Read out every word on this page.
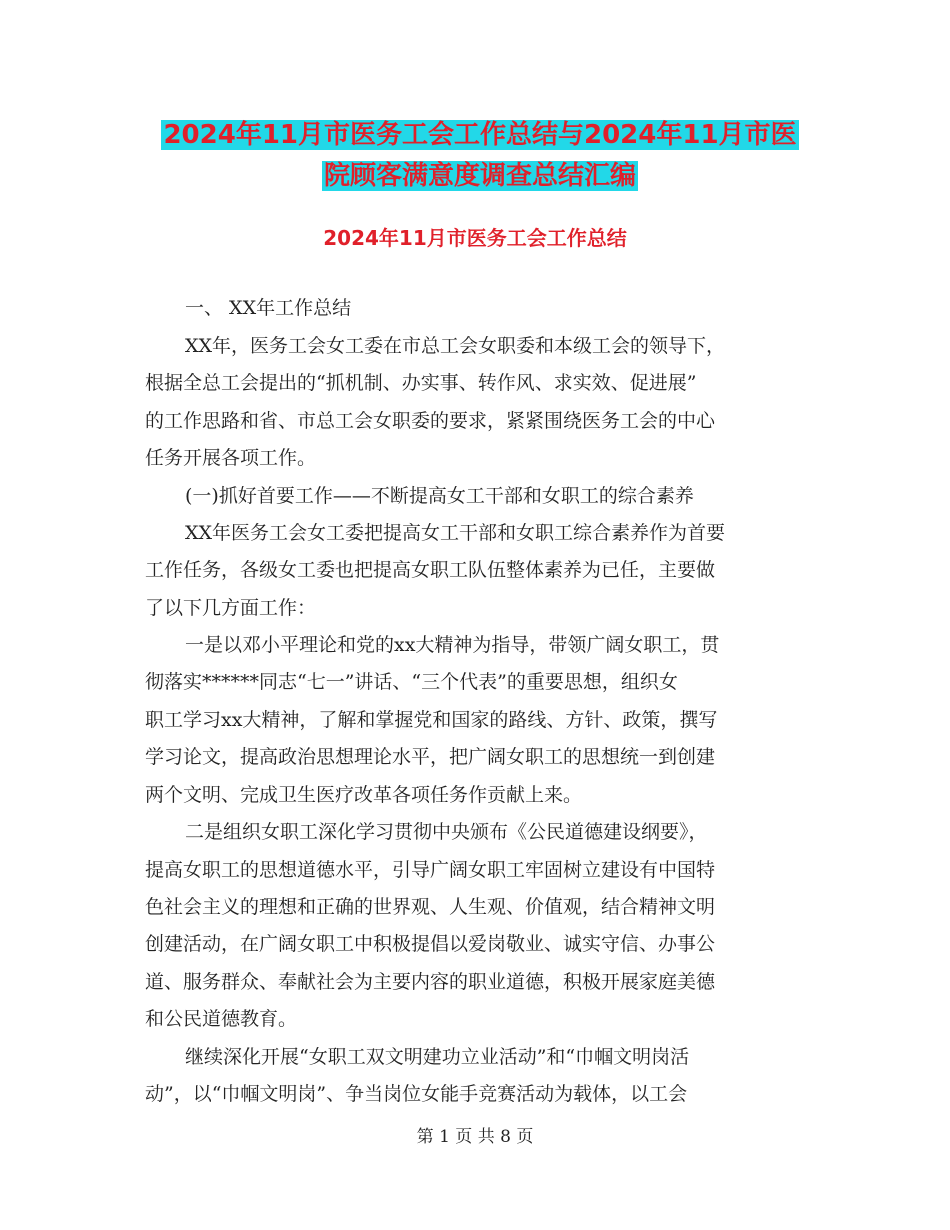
2024年11月市医务工会工作总结与2024年11月市医
院顾客满意度调查总结汇编
2024年11月市医务工会工作总结
一、 XX年工作总结
XX年，医务工会女工委在市总工会女职委和本级工会的领导下，
根据全总工会提出的“抓机制、办实事、转作风、求实效、促进展”
的工作思路和省、市总工会女职委的要求，紧紧围绕医务工会的中心
任务开展各项工作。
(一)抓好首要工作——不断提高女工干部和女职工的综合素养
XX年医务工会女工委把提高女工干部和女职工综合素养作为首要
工作任务，各级女工委也把提高女职工队伍整体素养为已任，主要做
了以下几方面工作：
一是以邓小平理论和党的xx大精神为指导，带领广阔女职工，贯
彻落实******同志“七一”讲话、“三个代表”的重要思想，组织女
职工学习xx大精神，了解和掌握党和国家的路线、方针、政策，撰写
学习论文，提高政治思想理论水平，把广阔女职工的思想统一到创建
两个文明、完成卫生医疗改革各项任务作贡献上来。
二是组织女职工深化学习贯彻中央颁布《公民道德建设纲要》，
提高女职工的思想道德水平，引导广阔女职工牢固树立建设有中国特
色社会主义的理想和正确的世界观、人生观、价值观，结合精神文明
创建活动，在广阔女职工中积极提倡以爱岗敬业、诚实守信、办事公
道、服务群众、奉献社会为主要内容的职业道德，积极开展家庭美德
和公民道德教育。
继续深化开展“女职工双文明建功立业活动”和“巾帼文明岗活
动”，以“巾帼文明岗”、争当岗位女能手竞赛活动为载体，以工会
第 1 页 共 8 页
